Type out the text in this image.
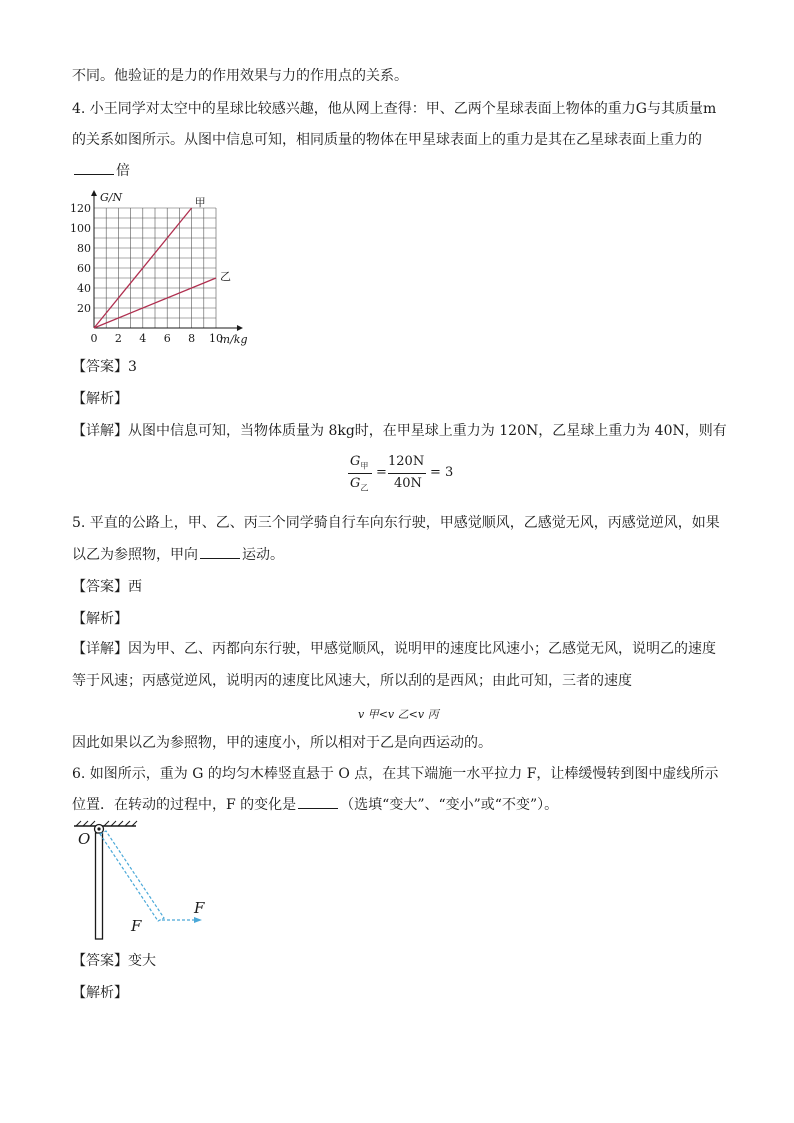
不同。他验证的是力的作用效果与力的作用点的关系。
4. 小王同学对太空中的星球比较感兴趣，他从网上查得：甲、乙两个星球表面上物体的重力G与其质量m
的关系如图所示。从图中信息可知，相同质量的物体在甲星球表面上的重力是其在乙星球表面上重力的
倍
0 2 4 6 8 10
20
40
60
80
100
120
G/N
m/kg
甲
乙
【答案】3
【解析】
【详解】从图中信息可知，当物体质量为 8kg时，在甲星球上重力为 120N，乙星球上重力为 40N，则有
$G_甲$
$G_乙$
=
120N
40N
= 3
5. 平直的公路上，甲、乙、丙三个同学骑自行车向东行驶，甲感觉顺风，乙感觉无风，丙感觉逆风，如果
以乙为参照物，甲向	运动。
【答案】西
【解析】
【详解】因为甲、乙、丙都向东行驶，甲感觉顺风，说明甲的速度比风速小；乙感觉无风，说明乙的速度
等于风速；丙感觉逆风，说明丙的速度比风速大，所以刮的是西风；由此可知，三者的速度
v 甲<v 乙<v 丙
因此如果以乙为参照物，甲的速度小，所以相对于乙是向西运动的。
6. 如图所示，重为 G 的均匀木棒竖直悬于 O 点，在其下端施一水平拉力 F，让棒缓慢转到图中虚线所示
位置．在转动的过程中，F 的变化是	（选填“变大”、“变小”或“不变”）。
O
F
F
【答案】变大
【解析】
